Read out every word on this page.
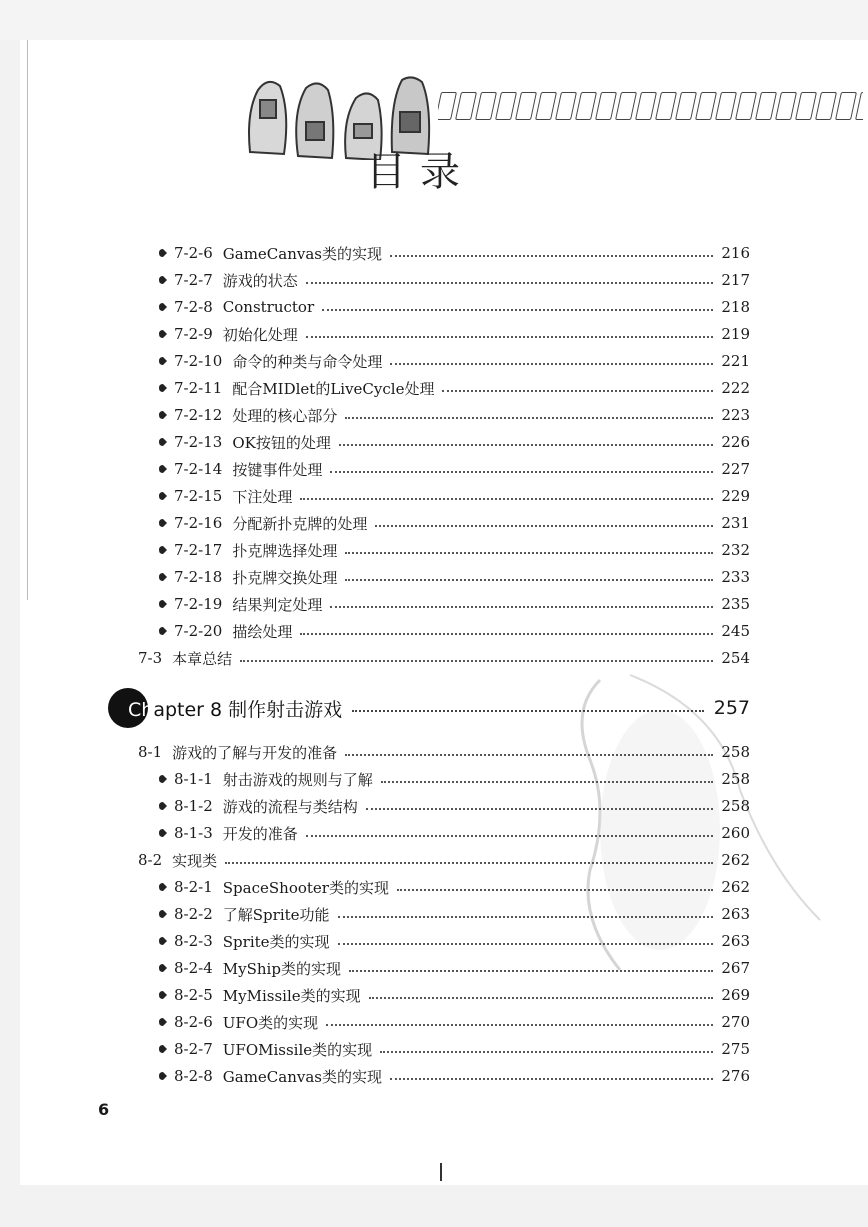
目录
7-2-6 GameCanvas类的实现	216
7-2-7 游戏的状态	217
7-2-8 Constructor	218
7-2-9 初始化处理	219
7-2-10 命令的种类与命令处理	221
7-2-11 配合MIDlet的LiveCycle处理	222
7-2-12 处理的核心部分	223
7-2-13 OK按钮的处理	226
7-2-14 按键事件处理	227
7-2-15 下注处理	229
7-2-16 分配新扑克牌的处理	231
7-2-17 扑克牌选择处理	232
7-2-18 扑克牌交换处理	233
7-2-19 结果判定处理	235
7-2-20 描绘处理	245
7-3 本章总结	254
Chapter 8 制作射击游戏	257
8-1 游戏的了解与开发的准备	258
8-1-1 射击游戏的规则与了解	258
8-1-2 游戏的流程与类结构	258
8-1-3 开发的准备	260
8-2 实现类	262
8-2-1 SpaceShooter类的实现	262
8-2-2 了解Sprite功能	263
8-2-3 Sprite类的实现	263
8-2-4 MyShip类的实现	267
8-2-5 MyMissile类的实现	269
8-2-6 UFO类的实现	270
8-2-7 UFOMissile类的实现	275
8-2-8 GameCanvas类的实现	276
6
